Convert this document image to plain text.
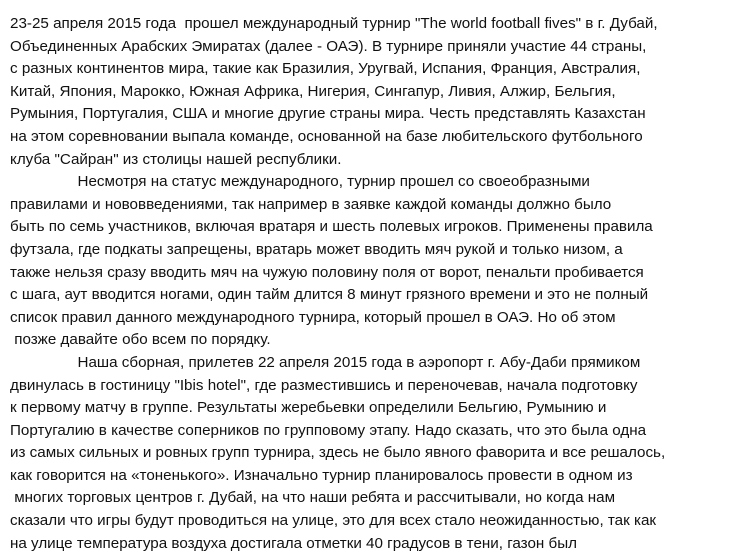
23-25 апреля 2015 года  прошел международный турнир "The world football fives" в г. Дубай,
Объединенных Арабских Эмиратах (далее - ОАЭ). В турнире приняли участие 44 страны,
с разных континентов мира, такие как Бразилия, Уругвай, Испания, Франция, Австралия,
Китай, Япония, Марокко, Южная Африка, Нигерия, Сингапур, Ливия, Алжир, Бельгия,
Румыния, Португалия, США и многие другие страны мира. Честь представлять Казахстан
на этом соревновании выпала команде, основанной на базе любительского футбольного
клуба "Сайран" из столицы нашей республики.
Несмотря на статус международного, турнир прошел со своеобразными
правилами и нововведениями, так например в заявке каждой команды должно было
быть по семь участников, включая вратаря и шесть полевых игроков. Применены правила
футзала, где подкаты запрещены, вратарь может вводить мяч рукой и только низом, а
также нельзя сразу вводить мяч на чужую половину поля от ворот, пенальти пробивается
с шага, аут вводится ногами, один тайм длится 8 минут грязного времени и это не полный
список правил данного международного турнира, который прошел в ОАЭ. Но об этом
позже давайте обо всем по порядку.
Наша сборная, прилетев 22 апреля 2015 года в аэропорт г. Абу-Даби прямиком
двинулась в гостиницу "Ibis hotel", где разместившись и переночевав, начала подготовку
к первому матчу в группе. Результаты жеребьевки определили Бельгию, Румынию и
Португалию в качестве соперников по групповому этапу. Надо сказать, что это была одна
из самых сильных и ровных групп турнира, здесь не было явного фаворита и все решалось,
как говорится на «тоненького». Изначально турнир планировалось провести в одном из
многих торговых центров г. Дубай, на что наши ребята и рассчитывали, но когда нам
сказали что игры будут проводиться на улице, это для всех стало неожиданностью, так как
на улице температура воздуха достигала отметки 40 градусов в тени, газон был
